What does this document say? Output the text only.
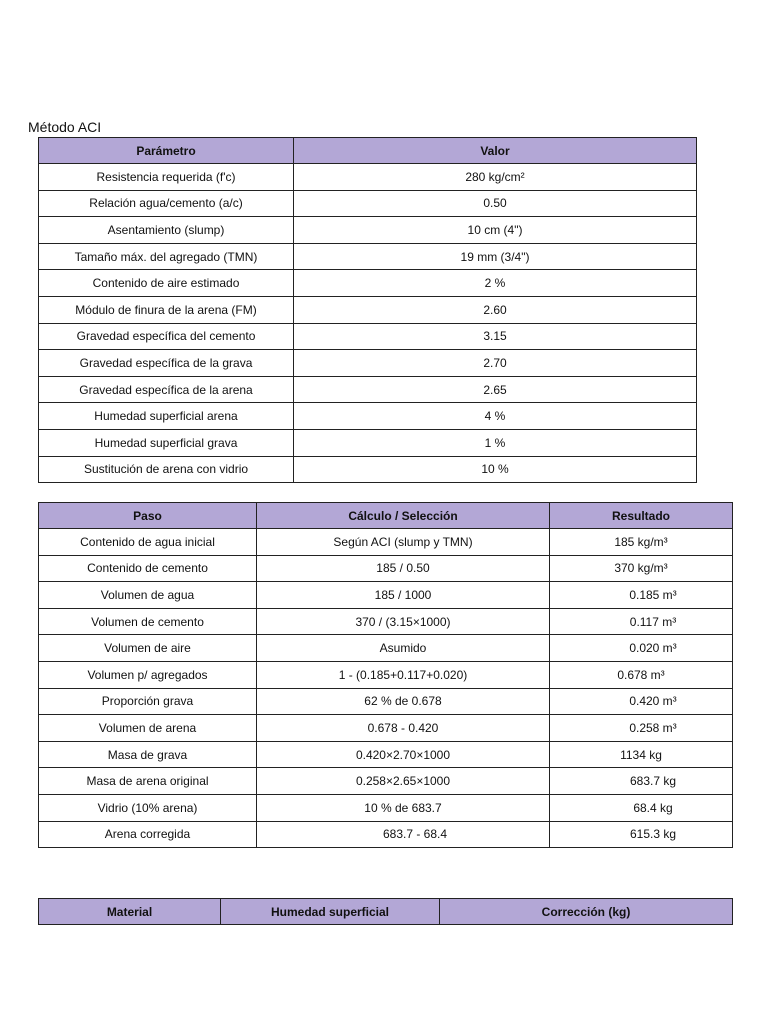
Método ACI
Parámetro	Valor
Resistencia requerida (f'c)	280 kg/cm²
Relación agua/cemento (a/c)	0.50
Asentamiento (slump)	10 cm (4")
Tamaño máx. del agregado (TMN)	19 mm (3/4")
Contenido de aire estimado	2 %
Módulo de finura de la arena (FM)	2.60
Gravedad específica del cemento	3.15
Gravedad específica de la grava	2.70
Gravedad específica de la arena	2.65
Humedad superficial arena	4 %
Humedad superficial grava	1 %
Sustitución de arena con vidrio	10 %
Paso	Cálculo / Selección	Resultado
Contenido de agua inicial	Según ACI (slump y TMN)	185 kg/m³
Contenido de cemento	185 / 0.50	370 kg/m³
Volumen de agua	185 / 1000	0.185 m³
Volumen de cemento	370 / (3.15×1000)	0.117 m³
Volumen de aire	Asumido	0.020 m³
Volumen p/ agregados	1 - (0.185+0.117+0.020)	0.678 m³
Proporción grava	62 % de 0.678	0.420 m³
Volumen de arena	0.678 - 0.420	0.258 m³
Masa de grava	0.420×2.70×1000	1134 kg
Masa de arena original	0.258×2.65×1000	683.7 kg
Vidrio (10% arena)	10 % de 683.7	68.4 kg
Arena corregida	683.7 - 68.4	615.3 kg
Material	Humedad superficial	Corrección (kg)
